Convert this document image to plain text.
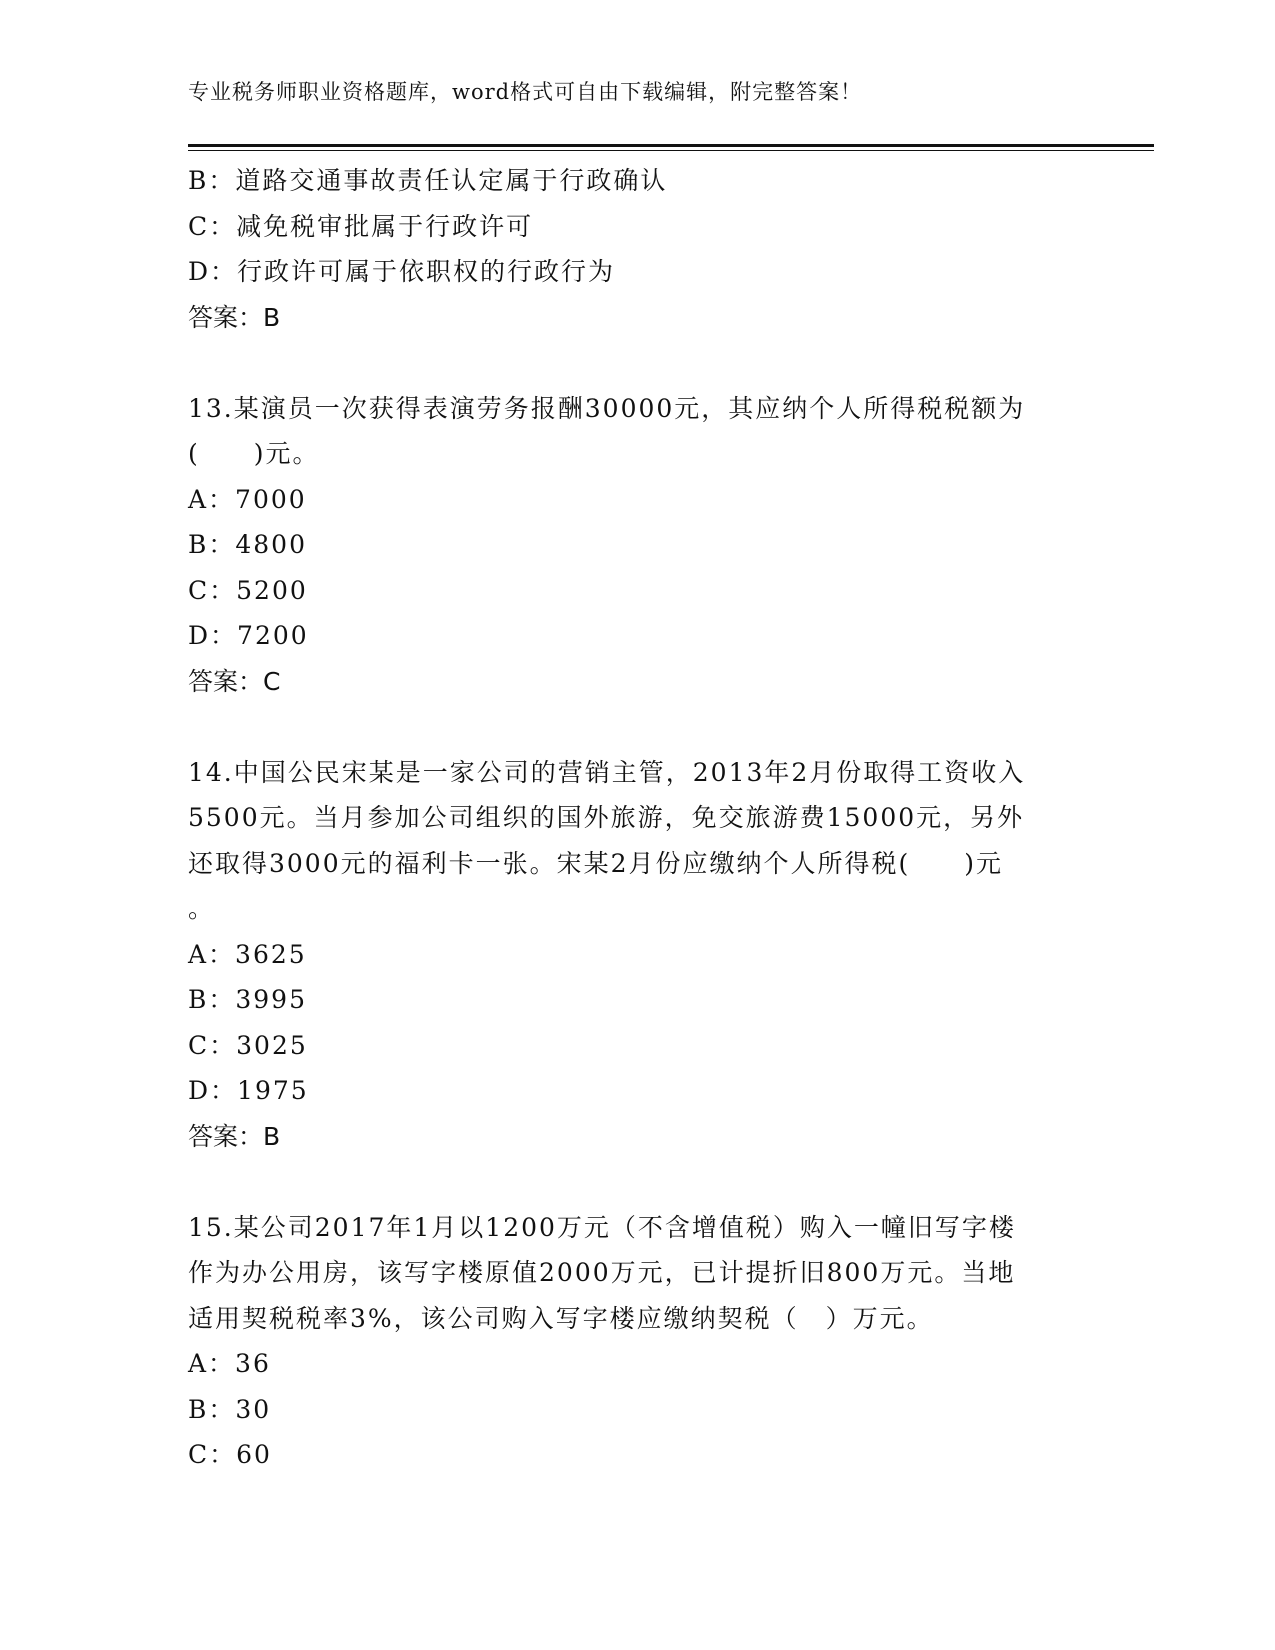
专业税务师职业资格题库，word格式可自由下载编辑，附完整答案！
B：道路交通事故责任认定属于行政确认
C：减免税审批属于行政许可
D：行政许可属于依职权的行政行为
答案：B
13.某演员一次获得表演劳务报酬30000元，其应纳个人所得税税额为
(　　)元。
A：7000
B：4800
C：5200
D：7200
答案：C
14.中国公民宋某是一家公司的营销主管，2013年2月份取得工资收入
5500元。当月参加公司组织的国外旅游，免交旅游费15000元，另外
还取得3000元的福利卡一张。宋某2月份应缴纳个人所得税(　　)元
。
A：3625
B：3995
C：3025
D：1975
答案：B
15.某公司2017年1月以1200万元（不含增值税）购入一幢旧写字楼
作为办公用房，该写字楼原值2000万元，已计提折旧800万元。当地
适用契税税率3%，该公司购入写字楼应缴纳契税（　）万元。
A：36
B：30
C：60
